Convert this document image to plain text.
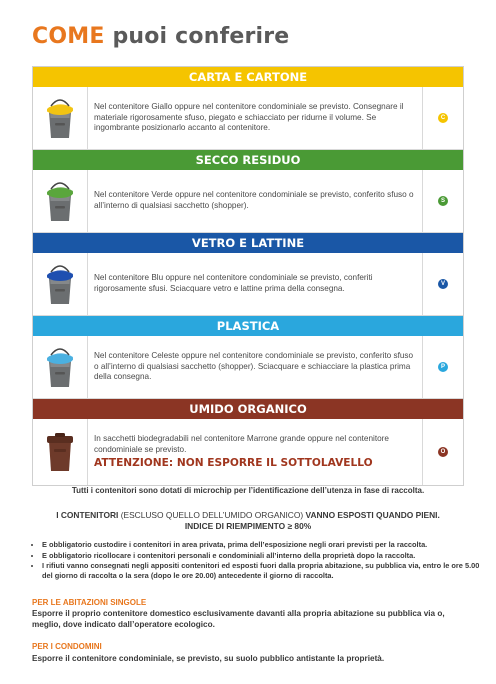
COME puoi conferire
CARTA E CARTONE
Nel contenitore Giallo oppure nel contenitore condominiale se previsto. Consegnare il materiale rigorosamente sfuso, piegato e schiacciato per ridurne il volume. Se ingombrante posizionarlo accanto al contenitore.
C
SECCO RESIDUO
Nel contenitore Verde oppure nel contenitore condominiale se previsto, conferito sfuso o all’interno di qualsiasi sacchetto (shopper).	S
VETRO E LATTINE
Nel contenitore Blu oppure nel contenitore condominiale se previsto, conferiti rigorosamente sfusi. Sciacquare vetro e lattine prima della consegna.	V
PLASTICA
Nel contenitore Celeste oppure nel contenitore condominiale se previsto, conferito sfuso o all’interno di qualsiasi sacchetto (shopper). Sciacquare e schiacciare la plastica prima della consegna.
P
UMIDO ORGANICO
In sacchetti biodegradabili nel contenitore Marrone grande oppure nel contenitore condominiale se previsto.
ATTENZIONE: NON ESPORRE IL SOTTOLAVELLO
O
Tutti i contenitori sono dotati di microchip per l’identificazione dell’utenza in fase di raccolta.
I CONTENITORI (ESCLUSO QUELLO DELL’UMIDO ORGANICO) VANNO ESPOSTI QUANDO PIENI.
INDICE DI RIEMPIMENTO ≥ 80%
• E obbligatorio custodire i contenitori in area privata, prima dell’esposizione negli orari previsti per la raccolta.
• E obbligatorio ricollocare i contenitori personali e condominiali all’interno della proprietà dopo la raccolta.
• I rifiuti vanno consegnati negli appositi contenitori ed esposti fuori dalla propria abitazione, su pubblica via, entro le ore 5.00 del giorno di raccolta o la sera (dopo le ore 20.00) antecedente il giorno di raccolta.
PER LE ABITAZIONI SINGOLE
Esporre il proprio contenitore domestico esclusivamente davanti alla propria abitazione su pubblica via o, meglio, dove indicato dall’operatore ecologico.
PER I CONDOMINI
Esporre il contenitore condominiale, se previsto, su suolo pubblico antistante la proprietà.
